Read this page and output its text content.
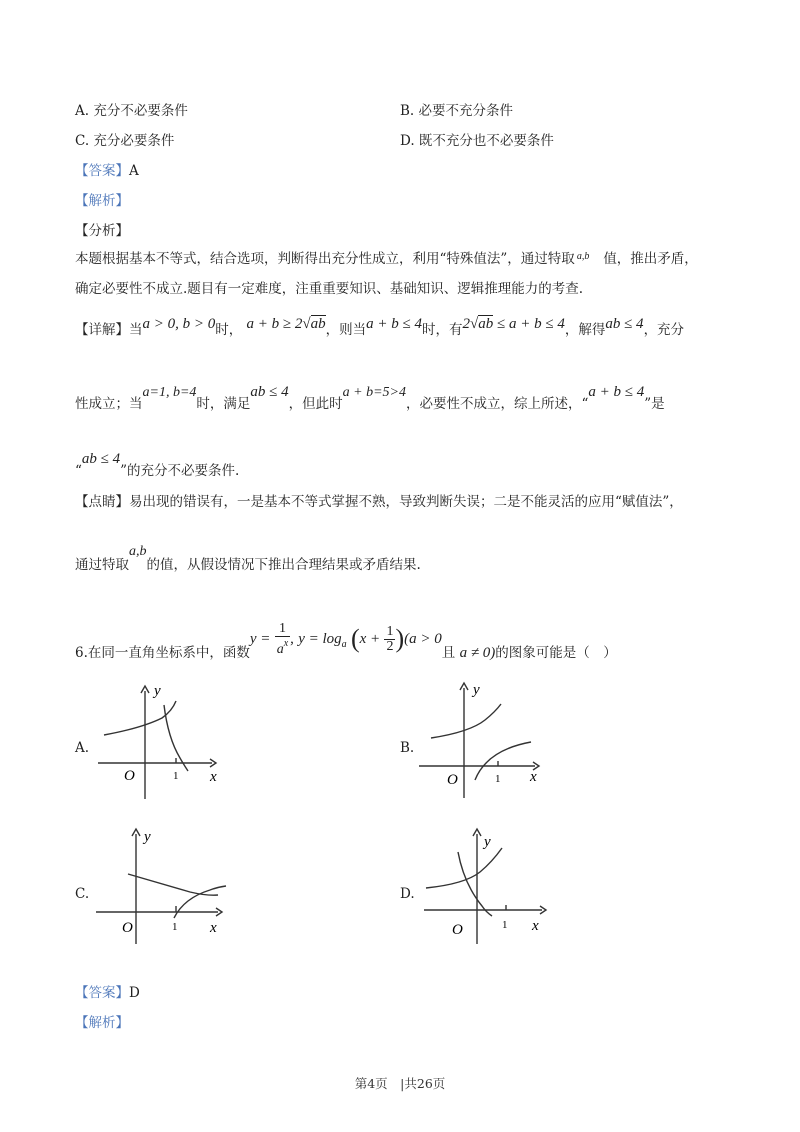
A. 充分不必要条件	B. 必要不充分条件
C. 充分必要条件	D. 既不充分也不必要条件
【答案】A
【解析】
【分析】
本题根据基本不等式，结合选项，判断得出充分性成立，利用“特殊值法”，通过特取 $^{a,b}$ 值，推出矛盾，
确定必要性不成立.题目有一定难度，注重重要知识、基础知识、逻辑推理能力的考查.
【详解】当a > 0, b > 0时， a + b ≥ 2√ab，则当a + b ≤ 4时，有2√ab ≤ a + b ≤ 4，解得ab ≤ 4，充分
性成立；当a=1, b=4时，满足ab ≤ 4，但此时a + b=5>4，必要性不成立，综上所述，“a + b ≤ 4”是
“ab ≤ 4”的充分不必要条件.
【点睛】易出现的错误有，一是基本不等式掌握不熟，导致判断失误；二是不能灵活的应用“赋值法”，
通过特取a,b的值，从假设情况下推出合理结果或矛盾结果.
6.在同一直角坐标系中，函数$y = \frac{1}{a^x}$ , $y = \log_a (x + \frac{1}{2} )(a > 0$且 a ≠ 0)的图象可能是（　）
A.
y
x
O	1
B.
y
x
O	1
C.
y
x
O	1
D.
y
x
O	1
【答案】D
【解析】
第4页　|共26页
